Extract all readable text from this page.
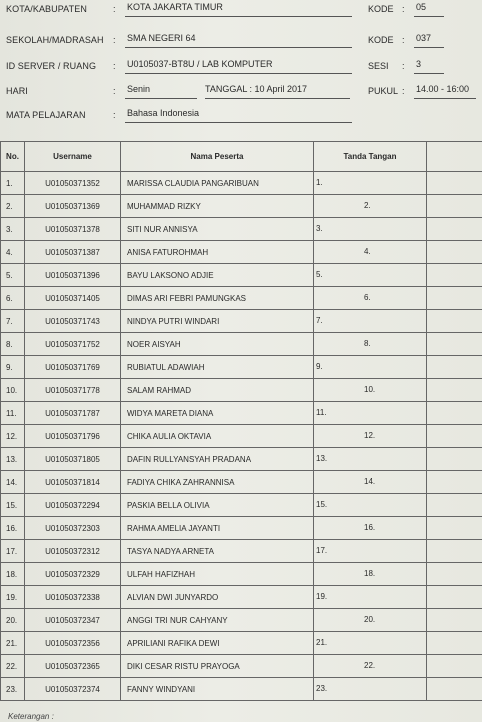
KOTA/KABUPATEN	: KOTA JAKARTA TIMUR	KODE : 05
SEKOLAH/MADRASAH : SMA NEGERI 64	KODE : 037
ID SERVER / RUANG : U0105037-BT8U / LAB KOMPUTER	SESI : 3
HARI	: Senin	TANGGAL : 10 April 2017	PUKUL : 14.00 - 16:00
MATA PELAJARAN	: Bahasa Indonesia
No.	Username	Nama Peserta	Tanda Tangan	
1.	U01050371352	MARISSA CLAUDIA PANGARIBUAN	1.	

2.	U01050371369	MUHAMMAD RIZKY	2.	

3.	U01050371378	SITI NUR ANNISYA	3.	

4.	U01050371387	ANISA FATUROHMAH	4.	

5.	U01050371396	BAYU LAKSONO ADJIE	5.	

6.	U01050371405	DIMAS ARI FEBRI PAMUNGKAS	6.	

7.	U01050371743	NINDYA PUTRI WINDARI	7.	

8.	U01050371752	NOER AISYAH	8.	

9.	U01050371769	RUBIATUL ADAWIAH	9.	

10.	U01050371778	SALAM RAHMAD	10.	

11.	U01050371787	WIDYA MARETA DIANA	11.	

12.	U01050371796	CHIKA AULIA OKTAVIA	12.	

13.	U01050371805	DAFIN RULLYANSYAH PRADANA	13.	

14.	U01050371814	FADIYA CHIKA ZAHRANNISA	14.	

15.	U01050372294	PASKIA BELLA OLIVIA	15.	

16.	U01050372303	RAHMA AMELIA JAYANTI	16.	

17.	U01050372312	TASYA NADYA ARNETA	17.	

18.	U01050372329	ULFAH HAFIZHAH	18.	

19.	U01050372338	ALVIAN DWI JUNYARDO	19.	

20.	U01050372347	ANGGI TRI NUR CAHYANY	20.	

21.	U01050372356	APRILIANI RAFIKA DEWI	21.	

22.	U01050372365	DIKI CESAR RISTU PRAYOGA	22.	

23.	U01050372374	FANNY WINDYANI	23.	

Keterangan :
